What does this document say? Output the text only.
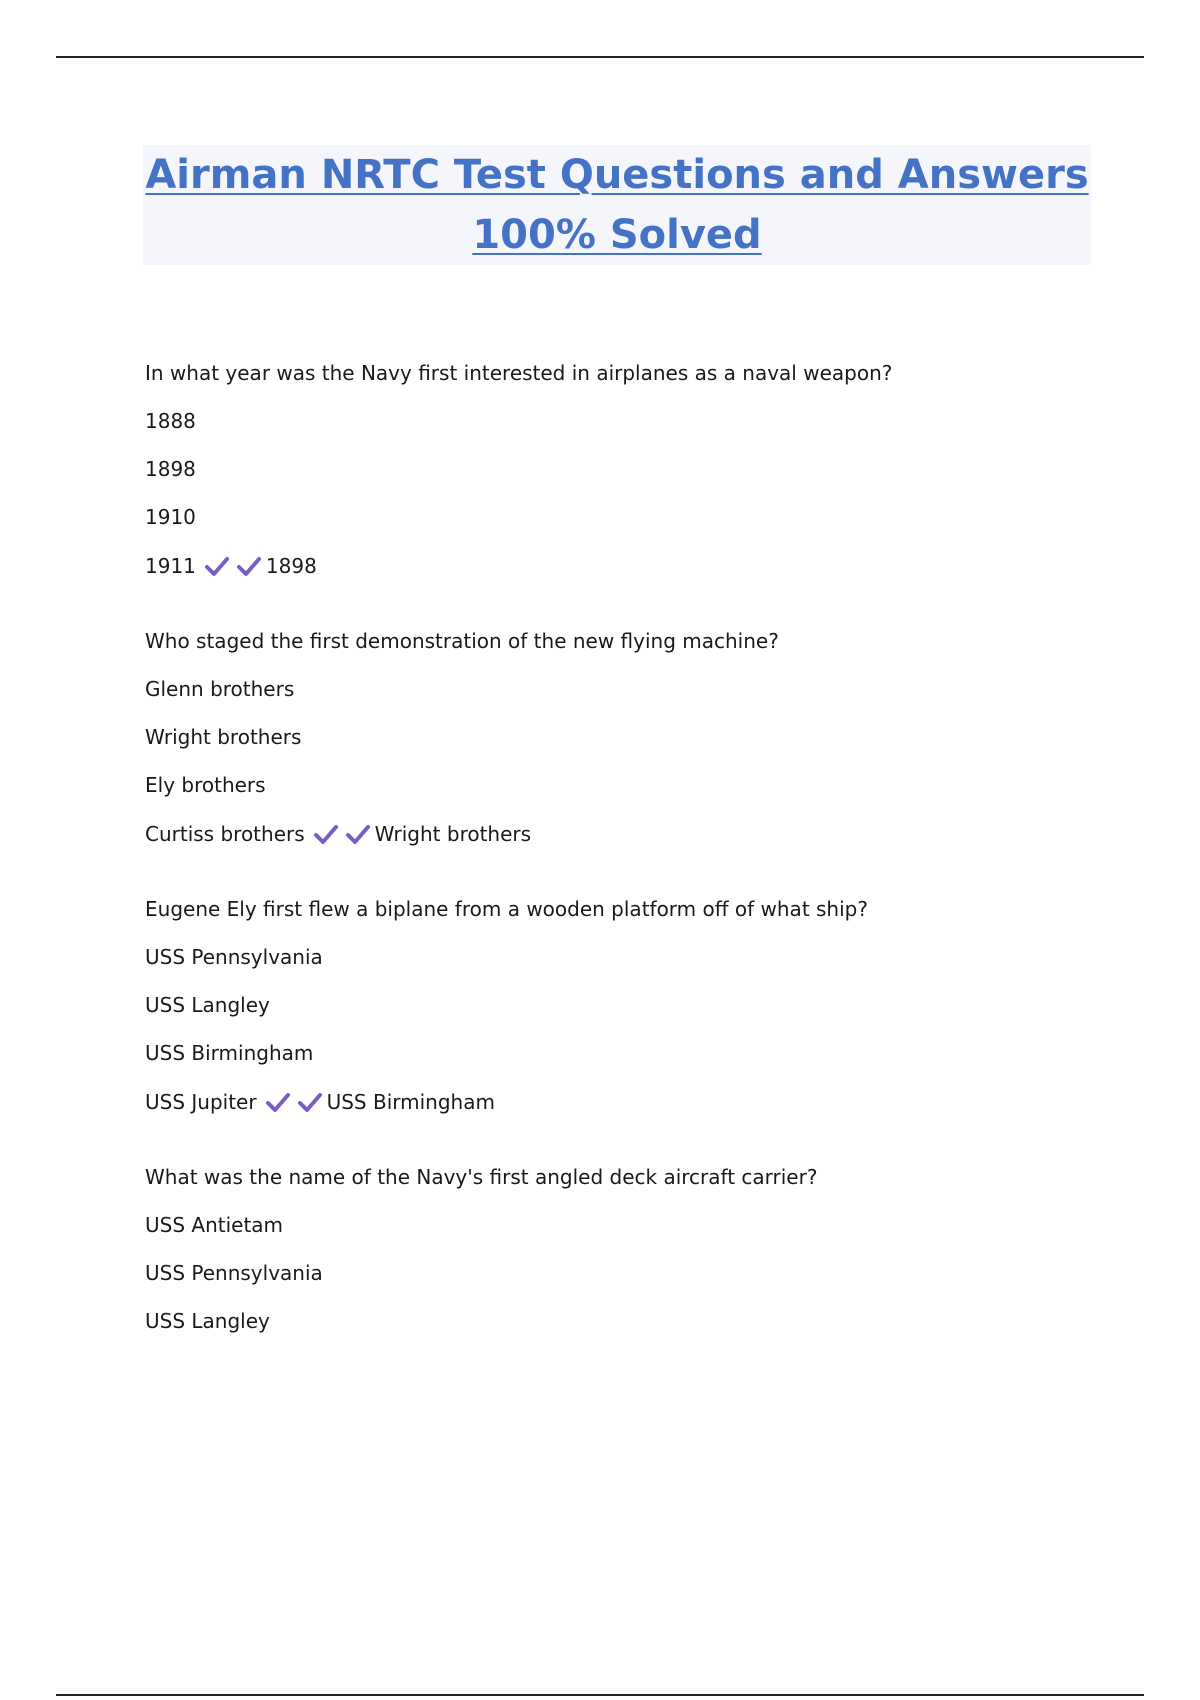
Airman NRTC Test Questions and Answers
100% Solved

In what year was the Navy first interested in airplanes as a naval weapon?

1888

1898

1910

1911	1898

Who staged the first demonstration of the new flying machine?

Glenn brothers

Wright brothers

Ely brothers

Curtiss brothers	Wright brothers

Eugene Ely first flew a biplane from a wooden platform off of what ship?

USS Pennsylvania

USS Langley

USS Birmingham

USS Jupiter	USS Birmingham

What was the name of the Navy's first angled deck aircraft carrier?

USS Antietam

USS Pennsylvania

USS Langley
